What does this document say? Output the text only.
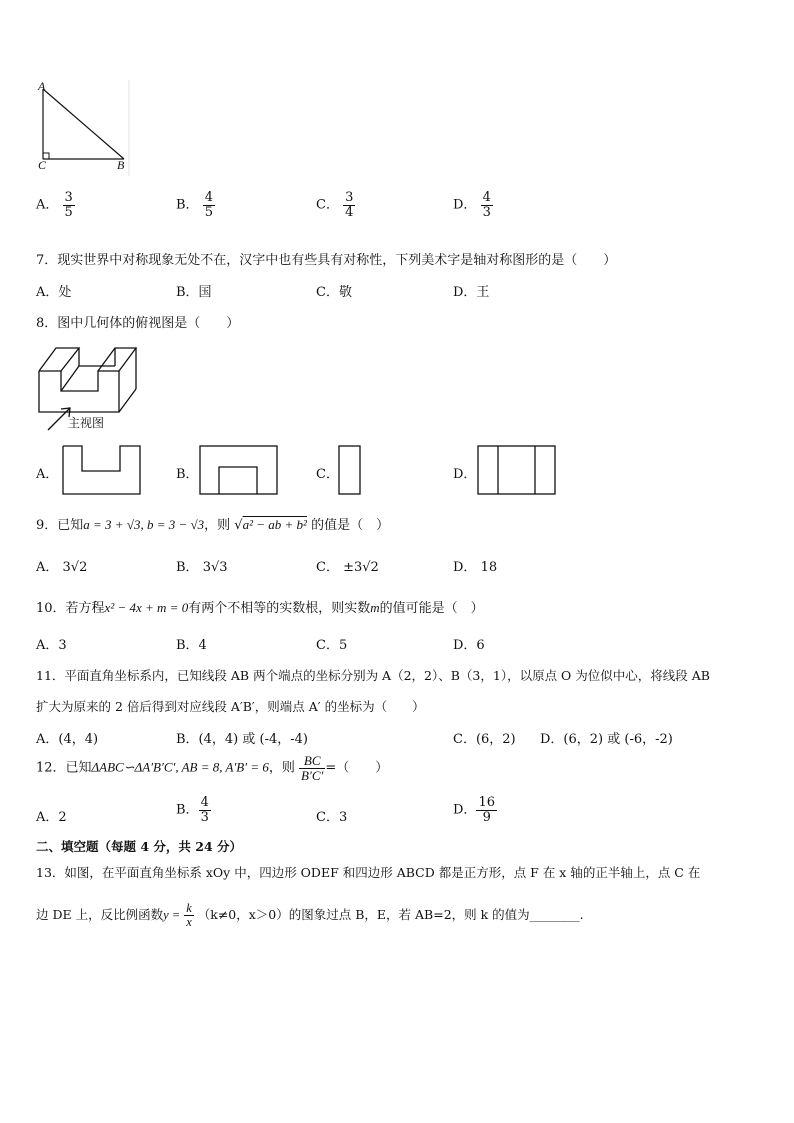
A
C	B
A． $\frac{3}{5}$	B． $\frac{4}{5}$	C． $\frac{3}{4}$	D． $\frac{4}{3}$
7．现实世界中对称现象无处不在，汉字中也有些具有对称性，下列美术字是轴对称图形的是（　　）
A．处	B．国	C．敬	D．王
8．图中几何体的俯视图是（　　）
主视图
A．	B．	C．	D．
9．已知a = 3 + √3, b = 3 − √3，则 √a² − ab + b² 的值是（　）
A． 3√2	B． 3√3	C． ±3√2	D． 18
10．若方程x² − 4x + m = 0有两个不相等的实数根，则实数m的值可能是（　）
A．3	B．4	C．5	D．6
11．平面直角坐标系内，已知线段 AB 两个端点的坐标分别为 A（2，2）、B（3，1），以原点 O 为位似中心，将线段 AB
扩大为原来的 2 倍后得到对应线段 A′B′，则端点 A′ 的坐标为（　　）
A．(4，4)	B．(4，4) 或 (-4，-4)	C．(6，2) D．(6，2) 或 (-6，-2)
12．已知ΔABC∽ΔA′B′C′, AB = 8, A′B′ = 6，则 $\frac{BC}{B'C'}$ =（　　）
A．2	B． $\frac{4}{3}$	C．3	D． $\frac{16}{9}$
二、填空题（每题 4 分，共 24 分）
13．如图，在平面直角坐标系 xOy 中，四边形 ODEF 和四边形 ABCD 都是正方形，点 F 在 x 轴的正半轴上，点 C 在
边 DE 上，反比例函数$y = \frac{k}{x} (k\ne 0$，x＞0）的图象过点 B，E，若 AB=2，则 k 的值为________.
